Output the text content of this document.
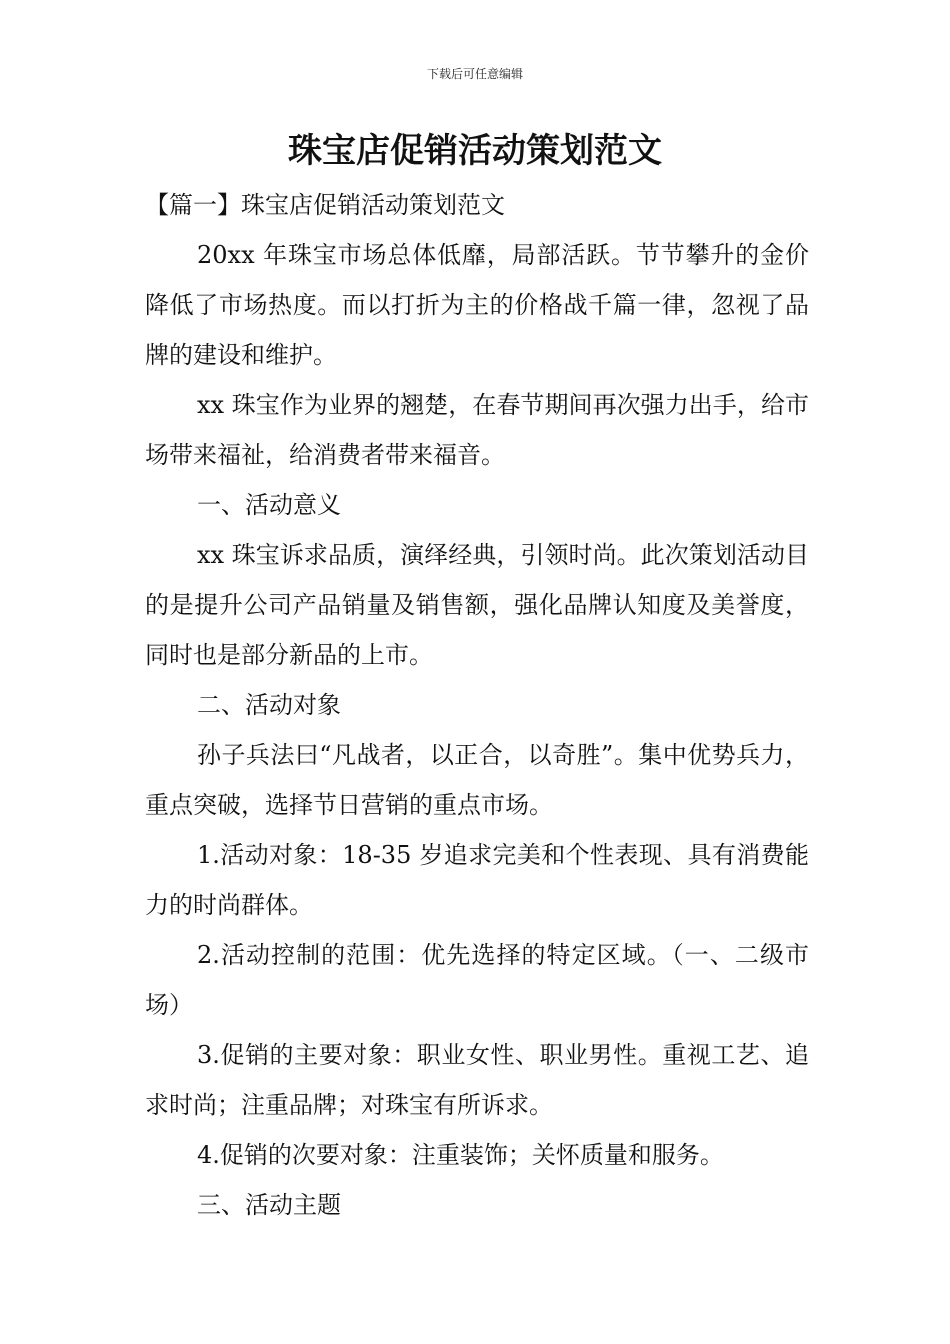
下载后可任意编辑
珠宝店促销活动策划范文

【篇一】珠宝店促销活动策划范文

20xx 年珠宝市场总体低靡，局部活跃。节节攀升的金价降低了市场热度。而以打折为主的价格战千篇一律，忽视了品牌的建设和维护。

xx 珠宝作为业界的翘楚，在春节期间再次强力出手，给市场带来福祉，给消费者带来福音。

一、活动意义

xx 珠宝诉求品质，演绎经典，引领时尚。此次策划活动目的是提升公司产品销量及销售额，强化品牌认知度及美誉度，同时也是部分新品的上市。

二、活动对象

孙子兵法曰“凡战者，以正合，以奇胜”。集中优势兵力，重点突破，选择节日营销的重点市场。

1.活动对象：18-35 岁追求完美和个性表现、具有消费能力的时尚群体。

2.活动控制的范围：优先选择的特定区域。（一、二级市场）

3.促销的主要对象：职业女性、职业男性。重视工艺、追求时尚；注重品牌；对珠宝有所诉求。

4.促销的次要对象：注重装饰；关怀质量和服务。

三、活动主题
